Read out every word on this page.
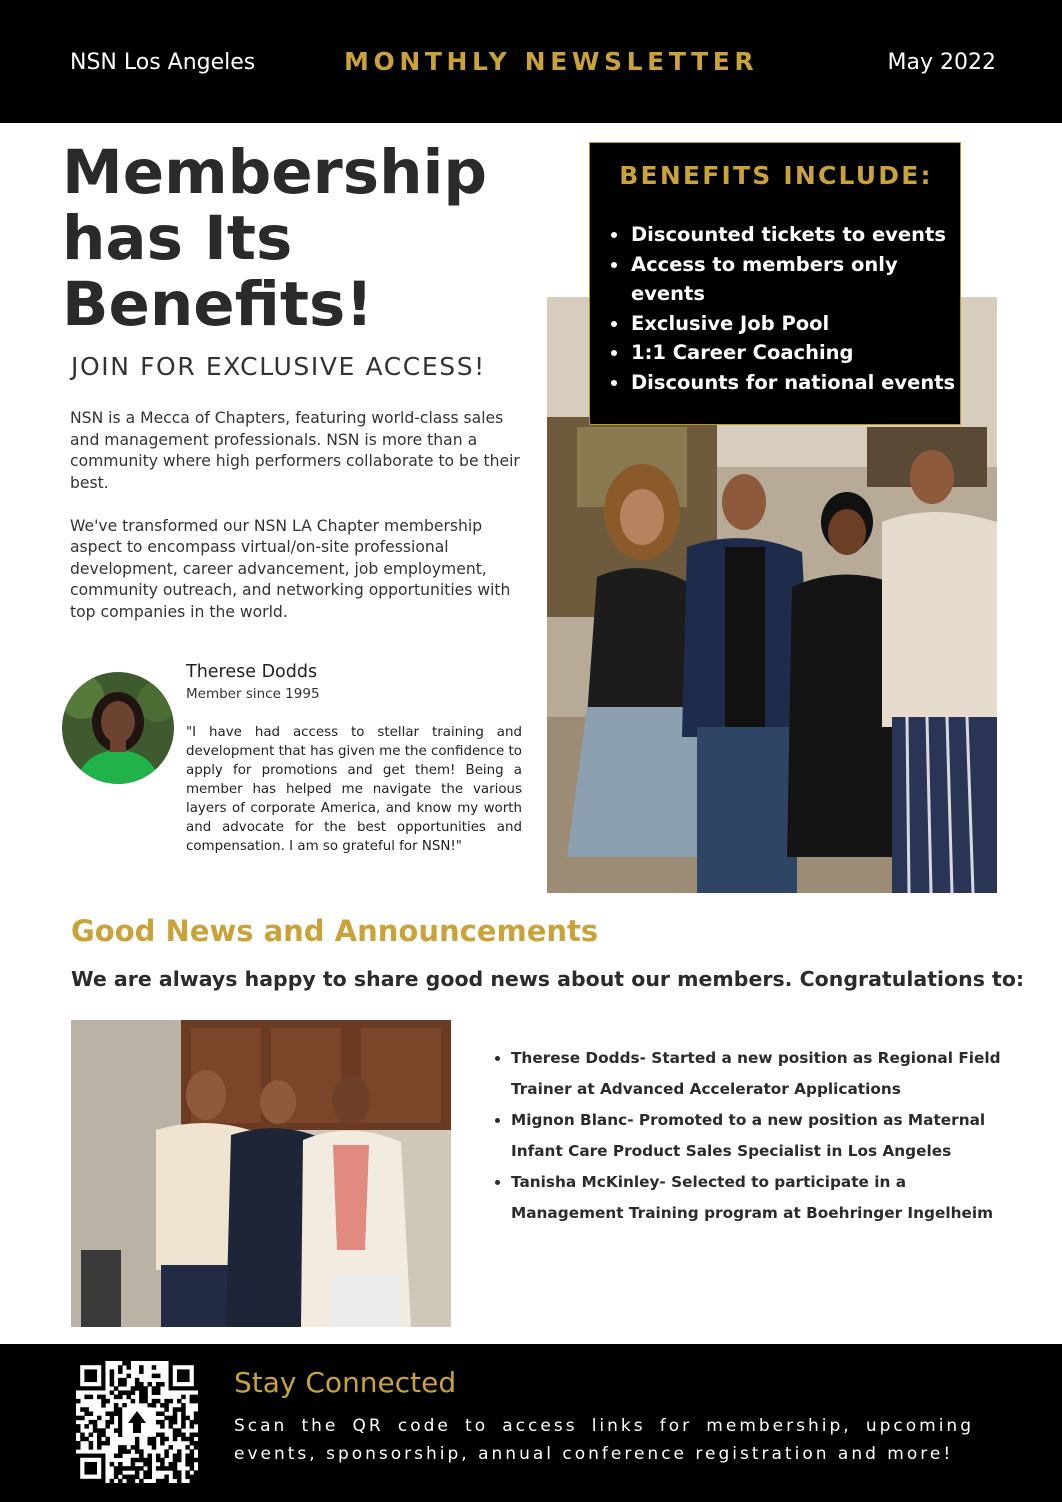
NSN Los Angeles	MONTHLY NEWSLETTER	May 2022
Membership
has Its
Benefits!
JOIN FOR EXCLUSIVE ACCESS!

NSN is a Mecca of Chapters, featuring world-class sales and management professionals. NSN is more than a community where high performers collaborate to be their best.

We've transformed our NSN LA Chapter membership aspect to encompass virtual/on-site professional development, career advancement, job employment, community outreach, and networking opportunities with top companies in the world.

Therese Dodds
Member since 1995

"I have had access to stellar training and development that has given me the confidence to apply for promotions and get them! Being a member has helped me navigate the various layers of corporate America, and know my worth and advocate for the best opportunities and compensation. I am so grateful for NSN!"

BENEFITS INCLUDE:
• Discounted tickets to events
• Access to members only events
• Exclusive Job Pool
• 1:1 Career Coaching
• Discounts for national events
Good News and Announcements
We are always happy to share good news about our members. Congratulations to:
• Therese Dodds- Started a new position as Regional Field Trainer at Advanced Accelerator Applications
• Mignon Blanc- Promoted to a new position as Maternal Infant Care Product Sales Specialist in Los Angeles
• Tanisha McKinley- Selected to participate in a Management Training program at Boehringer Ingelheim
Stay Connected

Scan the QR code to access links for membership, upcoming events, sponsorship, annual conference registration and more!
